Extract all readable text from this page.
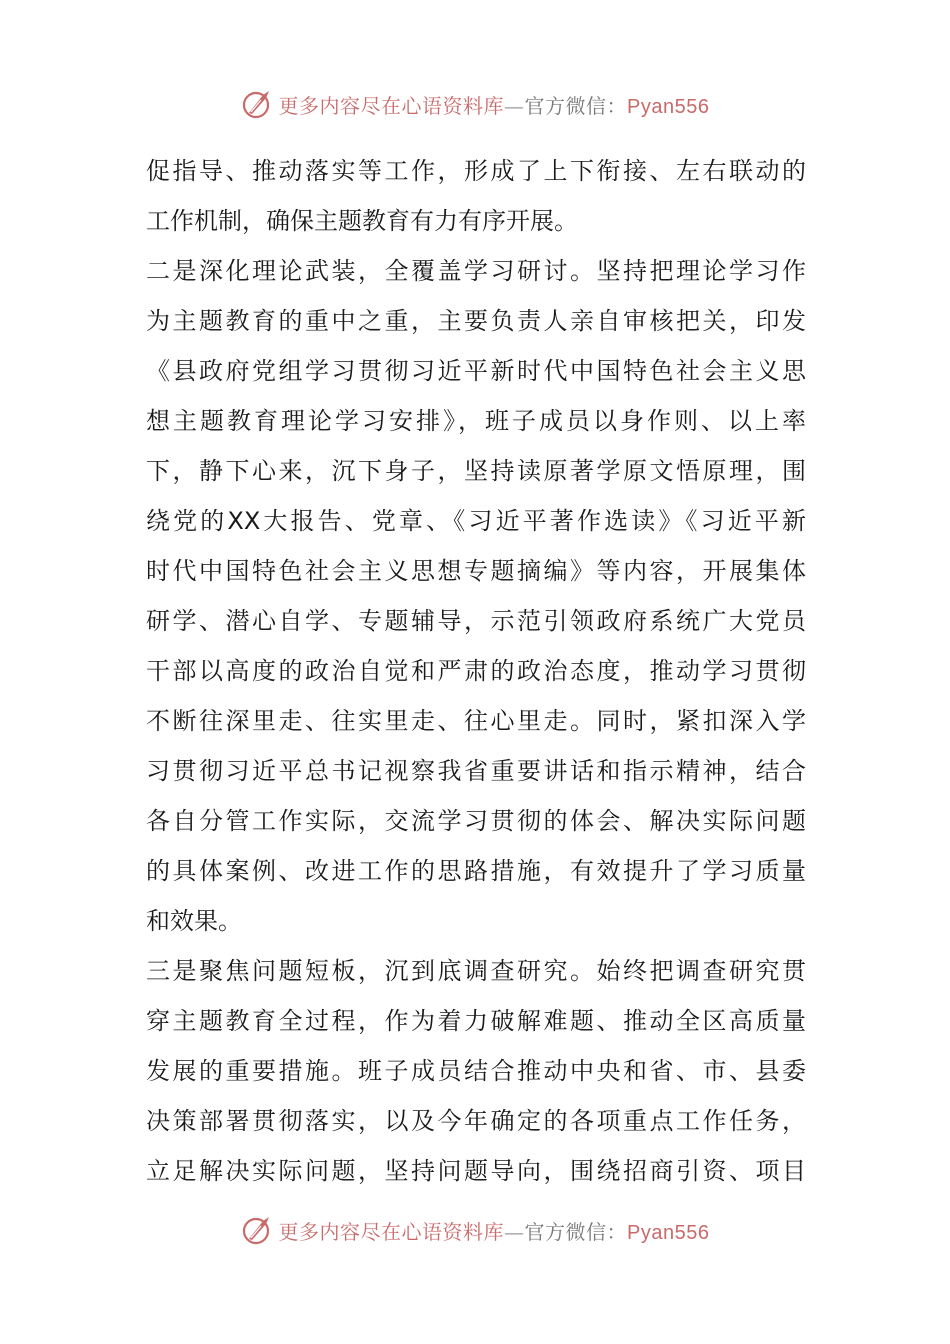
更多内容尽在心语资料库—官方微信：Pyan556
促指导、推动落实等工作，形成了上下衔接、左右联动的
工作机制，确保主题教育有力有序开展。
二是深化理论武装，全覆盖学习研讨。坚持把理论学习作
为主题教育的重中之重，主要负责人亲自审核把关，印发
《县政府党组学习贯彻习近平新时代中国特色社会主义思
想主题教育理论学习安排》，班子成员以身作则、以上率
下，静下心来，沉下身子，坚持读原著学原文悟原理，围
绕党的XX大报告、党章、《习近平著作选读》《习近平新
时代中国特色社会主义思想专题摘编》等内容，开展集体
研学、潜心自学、专题辅导，示范引领政府系统广大党员
干部以高度的政治自觉和严肃的政治态度，推动学习贯彻
不断往深里走、往实里走、往心里走。同时，紧扣深入学
习贯彻习近平总书记视察我省重要讲话和指示精神，结合
各自分管工作实际，交流学习贯彻的体会、解决实际问题
的具体案例、改进工作的思路措施，有效提升了学习质量
和效果。
三是聚焦问题短板，沉到底调查研究。始终把调查研究贯
穿主题教育全过程，作为着力破解难题、推动全区高质量
发展的重要措施。班子成员结合推动中央和省、市、县委
决策部署贯彻落实，以及今年确定的各项重点工作任务，
立足解决实际问题，坚持问题导向，围绕招商引资、项目
更多内容尽在心语资料库—官方微信：Pyan556
